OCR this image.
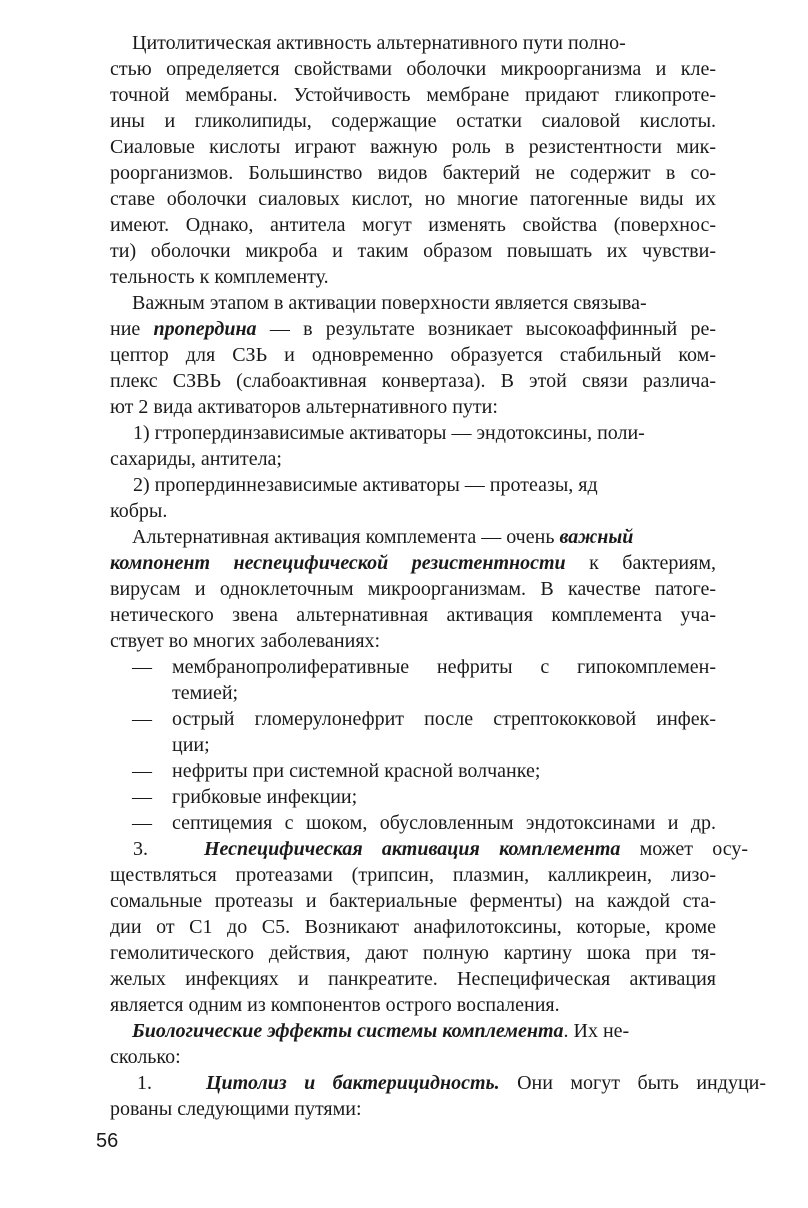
Цитолитическая активность альтернативного пути полно-
стью определяется свойствами оболочки микроорганизма и кле-
точной мембраны. Устойчивость мембране придают гликопроте-
ины и гликолипиды, содержащие остатки сиаловой кислоты.
Сиаловые кислоты играют важную роль в резистентности мик-
роорганизмов. Большинство видов бактерий не содержит в со-
ставе оболочки сиаловых кислот, но многие патогенные виды их
имеют. Однако, антитела могут изменять свойства (поверхнос-
ти) оболочки микроба и таким образом повышать их чувстви-
тельность к комплементу.
Важным этапом в активации поверхности является связыва-
ние пропердина — в результате возникает высокоаффинный ре-
цептор для СЗЬ и одновременно образуется стабильный ком-
плекс СЗВЬ (слабоактивная конвертаза). В этой связи различа-
ют 2 вида активаторов альтернативного пути:
1) гтропердинзависимые активаторы — эндотоксины, поли-
сахариды, антитела;
2) пропердиннезависимые активаторы — протеазы, яд
кобры.
Альтернативная активация комплемента — очень важный
компонент неспецифической резистентности к бактериям,
вирусам и одноклеточным микроорганизмам. В качестве патоге-
нетического звена альтернативная активация комплемента уча-
ствует во многих заболеваниях:
— мембранопролиферативные нефриты с гипокомплемен-
темией;
— острый гломерулонефрит после стрептококковой инфек-
ции;
— нефриты при системной красной волчанке;
— грибковые инфекции;
— септицемия с шоком, обусловленным эндотоксинами и др.
3.	Неспецифическая активация комплемента может осу-
ществляться протеазами (трипсин, плазмин, калликреин, лизо-
сомальные протеазы и бактериальные ферменты) на каждой ста-
дии от С1 до С5. Возникают анафилотоксины, которые, кроме
гемолитического действия, дают полную картину шока при тя-
желых инфекциях и панкреатите. Неспецифическая активация
является одним из компонентов острого воспаления.
Биологические эффекты системы комплемента. Их не-
сколько:
1.	Цитолиз и бактерицидность. Они могут быть индуци-
рованы следующими путями:
56
